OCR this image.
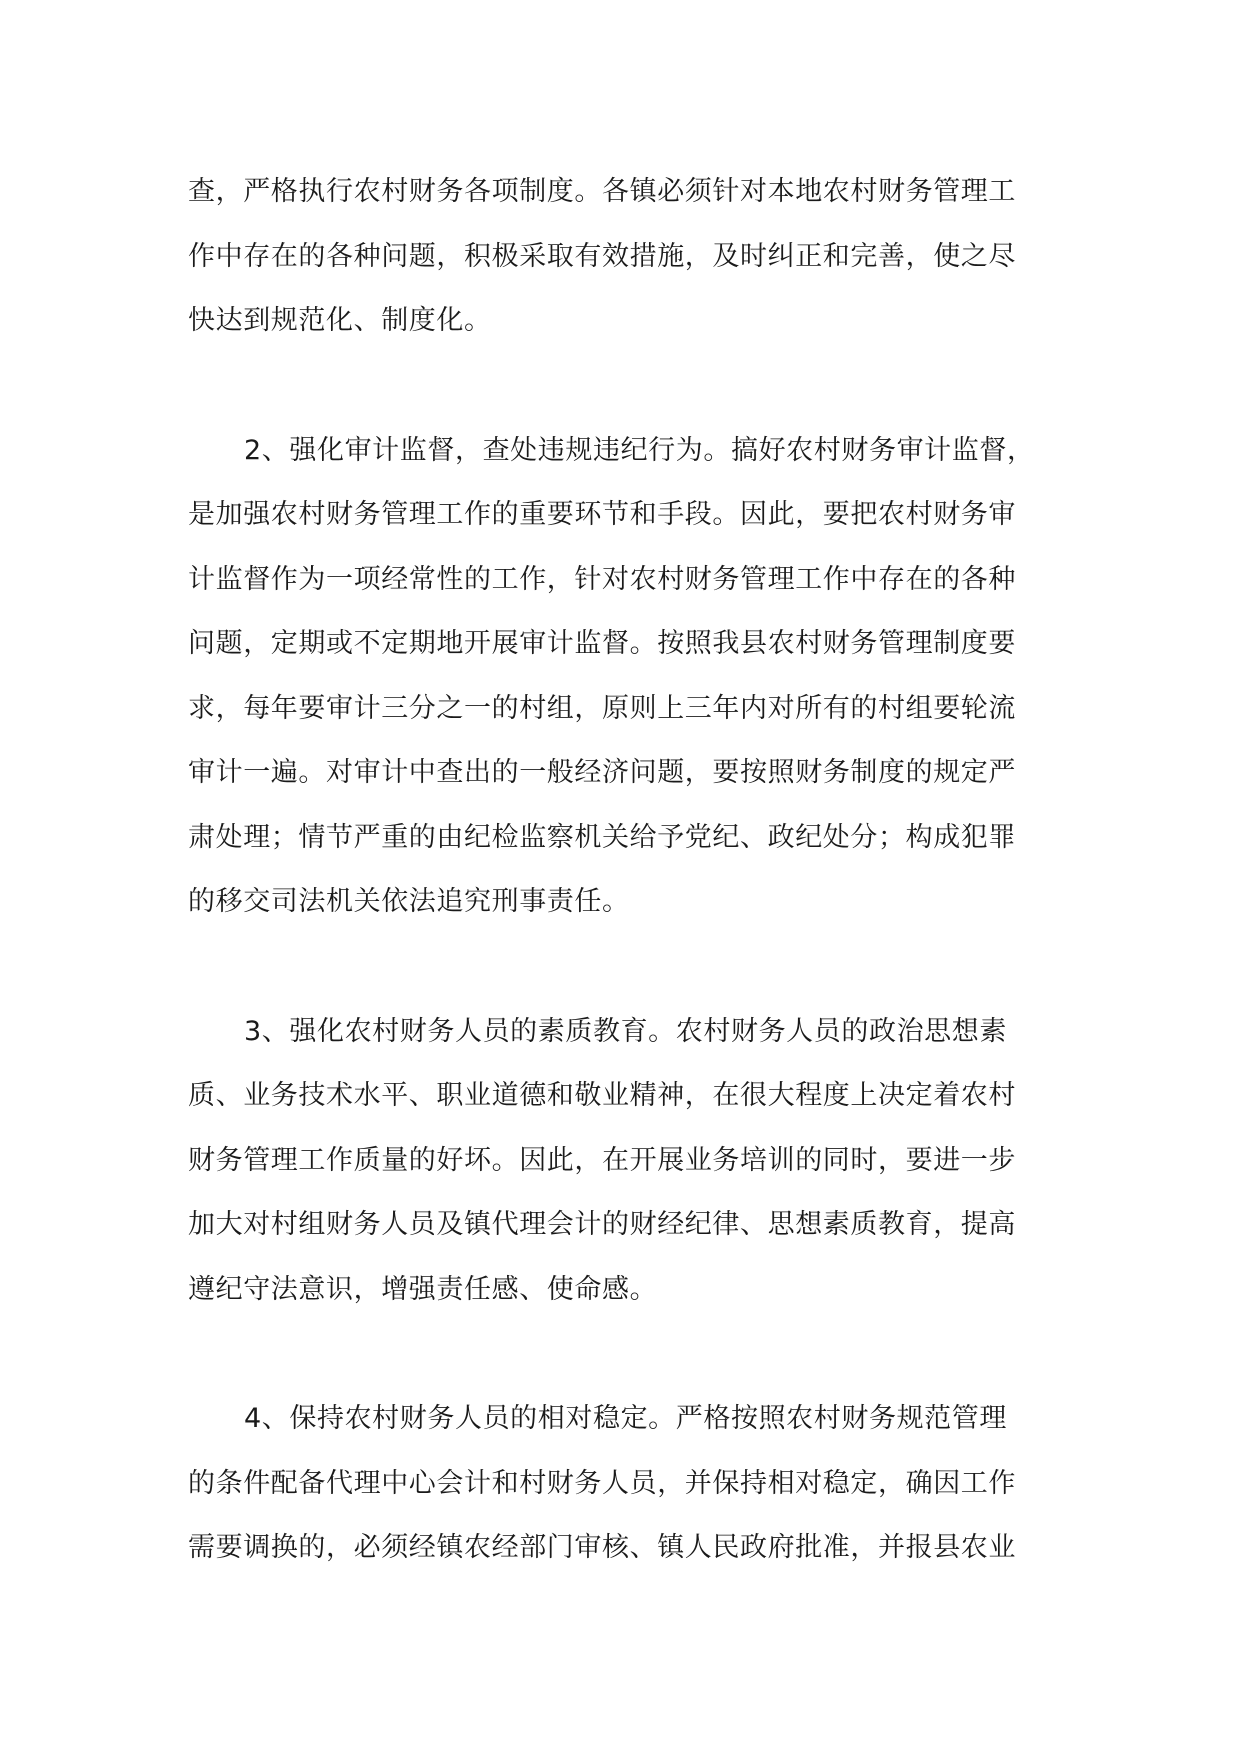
查，严格执行农村财务各项制度。各镇必须针对本地农村财务管理工
作中存在的各种问题，积极采取有效措施，及时纠正和完善，使之尽
快达到规范化、制度化。
2、强化审计监督，查处违规违纪行为。搞好农村财务审计监督，
是加强农村财务管理工作的重要环节和手段。因此，要把农村财务审
计监督作为一项经常性的工作，针对农村财务管理工作中存在的各种
问题，定期或不定期地开展审计监督。按照我县农村财务管理制度要
求，每年要审计三分之一的村组，原则上三年内对所有的村组要轮流
审计一遍。对审计中查出的一般经济问题，要按照财务制度的规定严
肃处理；情节严重的由纪检监察机关给予党纪、政纪处分；构成犯罪
的移交司法机关依法追究刑事责任。
3、强化农村财务人员的素质教育。农村财务人员的政治思想素
质、业务技术水平、职业道德和敬业精神，在很大程度上决定着农村
财务管理工作质量的好坏。因此，在开展业务培训的同时，要进一步
加大对村组财务人员及镇代理会计的财经纪律、思想素质教育，提高
遵纪守法意识，增强责任感、使命感。
4、保持农村财务人员的相对稳定。严格按照农村财务规范管理
的条件配备代理中心会计和村财务人员，并保持相对稳定，确因工作
需要调换的，必须经镇农经部门审核、镇人民政府批准，并报县农业
